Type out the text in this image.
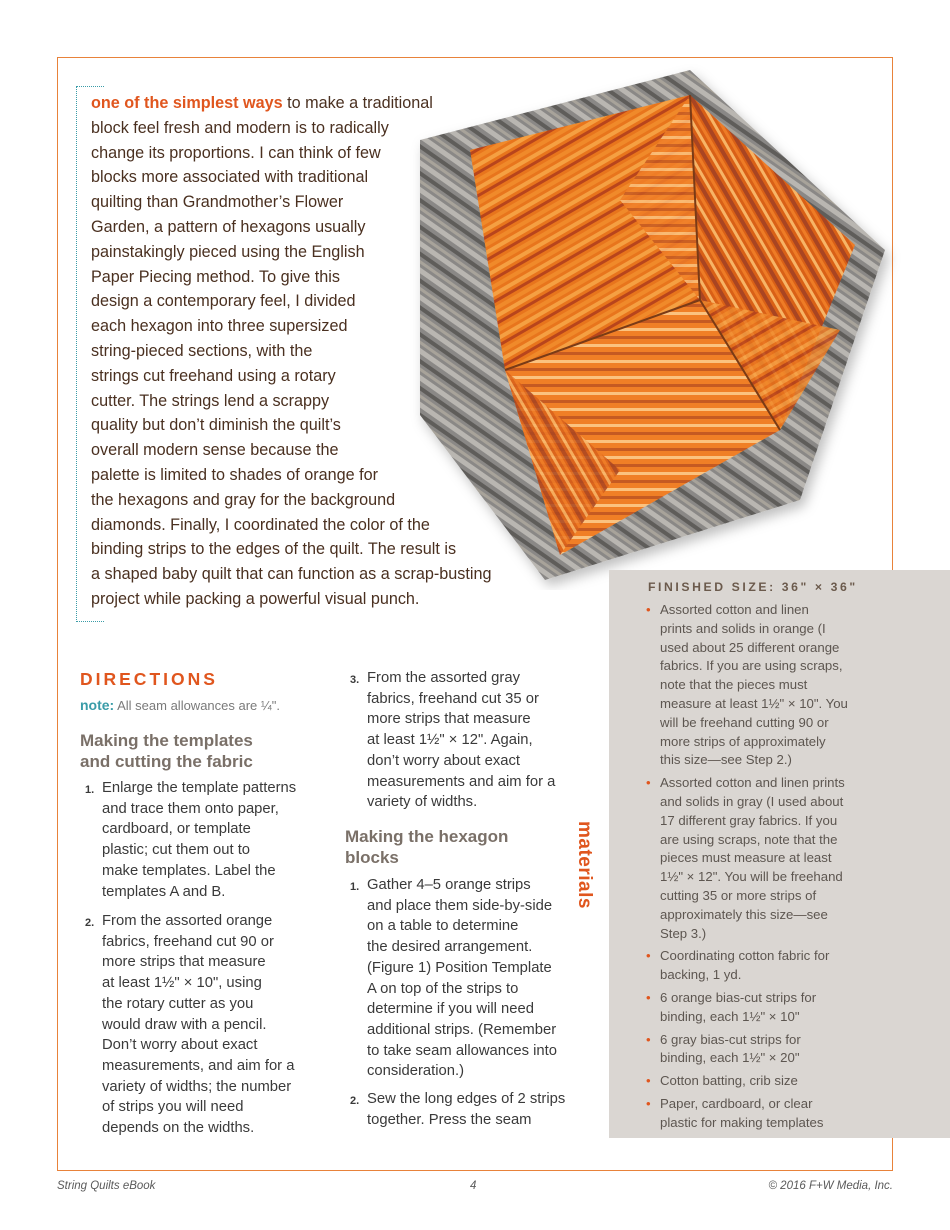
one of the simplest ways to make a traditional
block feel fresh and modern is to radically
change its proportions. I can think of few
blocks more associated with traditional
quilting than Grandmother’s Flower
Garden, a pattern of hexagons usually
painstakingly pieced using the English
Paper Piecing method. To give this
design a contemporary feel, I divided
each hexagon into three supersized
string-pieced sections, with the
strings cut freehand using a rotary
cutter. The strings lend a scrappy
quality but don’t diminish the quilt’s
overall modern sense because the
palette is limited to shades of orange for
the hexagons and gray for the background
diamonds. Finally, I coordinated the color of the
binding strips to the edges of the quilt. The result is
a shaped baby quilt that can function as a scrap-busting
project while packing a powerful visual punch.

materials
FINISHED SIZE: 36" × 36"
• Assorted cotton and linen
prints and solids in orange (I
used about 25 different orange
fabrics. If you are using scraps,
note that the pieces must
measure at least 1½" × 10". You
will be freehand cutting 90 or
more strips of approximately
this size—see Step 2.)
• Assorted cotton and linen prints
and solids in gray (I used about
17 different gray fabrics. If you
are using scraps, note that the
pieces must measure at least
1½" × 12". You will be freehand
cutting 35 or more strips of
approximately this size—see
Step 3.)
• Coordinating cotton fabric for
backing, 1 yd.
• 6 orange bias-cut strips for
binding, each 1½" × 10"
• 6 gray bias-cut strips for
binding, each 1½" × 20"
• Cotton batting, crib size
• Paper, cardboard, or clear
plastic for making templates
DIRECTIONS
note: All seam allowances are ¼".
Making the templates
and cutting the fabric
Making the hexagon
blocks
1. Enlarge the template patterns
and trace them onto paper,
cardboard, or template
plastic; cut them out to
make templates. Label the
templates A and B.
2. From the assorted orange
fabrics, freehand cut 90 or
more strips that measure
at least 1½" × 10", using
the rotary cutter as you
would draw with a pencil.
Don’t worry about exact
measurements, and aim for a
variety of widths; the number
of strips you will need
depends on the widths.
3. From the assorted gray
fabrics, freehand cut 35 or
more strips that measure
at least 1½" × 12". Again,
don’t worry about exact
measurements and aim for a
variety of widths.
1. Gather 4–5 orange strips
and place them side-by-side
on a table to determine
the desired arrangement.
(Figure 1) Position Template
A on top of the strips to
determine if you will need
additional strips. (Remember
to take seam allowances into
consideration.)
2. Sew the long edges of 2 strips
together. Press the seam
String Quilts eBook	4	© 2016 F+W Media, Inc.
